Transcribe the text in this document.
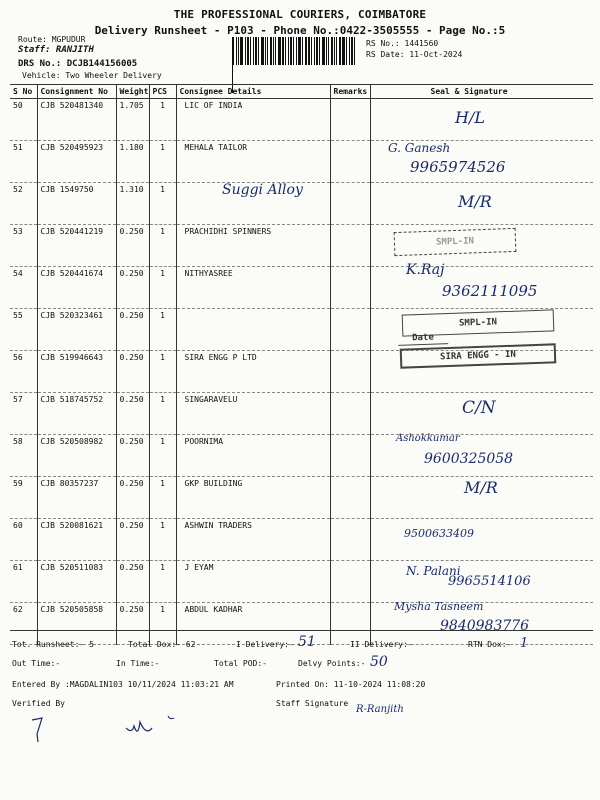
THE PROFESSIONAL COURIERS, COIMBATORE
Delivery Runsheet - P103 - Phone No.:0422-3505555 - Page No.:5
Route: MGPUDUR
Staff: RANJITH
DRS No.: DCJB144156005
Vehicle: Two Wheeler Delivery
RS No.: 1441560
RS Date: 11-Oct-2024
S No	Consignment No	Weight	PCS	Consignee Details	Remarks	Seal & Signature
50	CJB 520481340	1.705	1	LIC OF INDIA		
51	CJB 520495923	1.180	1	MEHALA TAILOR		
52	CJB 1549750	1.310	1			
53	CJB 520441219	0.250	1	PRACHIDHI SPINNERS		
54	CJB 520441674	0.250	1	NITHYASREE		
55	CJB 520323461	0.250	1			
56	CJB 519946643	0.250	1	SIRA ENGG P LTD		
57	CJB 518745752	0.250	1	SINGARAVELU		
58	CJB 520508982	0.250	1	POORNIMA		
59	CJB 80357237	0.250	1	GKP BUILDING		
60	CJB 520081621	0.250	1	ASHWIN TRADERS		
61	CJB 520511083	0.250	1	J EYAM		
62	CJB 520505858	0.250	1	ABDUL KADHAR		
H/L
G. Ganesh
9965974526
Suggi Alloy
M/R
K.Raj
9362111095
C/N
Ashokkumar
9600325058
M/R
9500633409
N. Palani
9965514106
Mysha Tasneem
9840983776
SMPL-IN
SMPL-IN
Date
SIRA ENGG - IN
Tot. Runsheet:- 5	Total Dox:- 62	I Delivery:- 51	II Delivery:-	RTN Dox:- 1
Out Time:-	In Time:-	Total POD:-	Delvy Points:- 50
Entered By :MAGDALIN103 10/11/2024 11:03:21 AM	Printed On: 11-10-2024 11:08:20
Verified By	Staff Signature
R-Ranjith
